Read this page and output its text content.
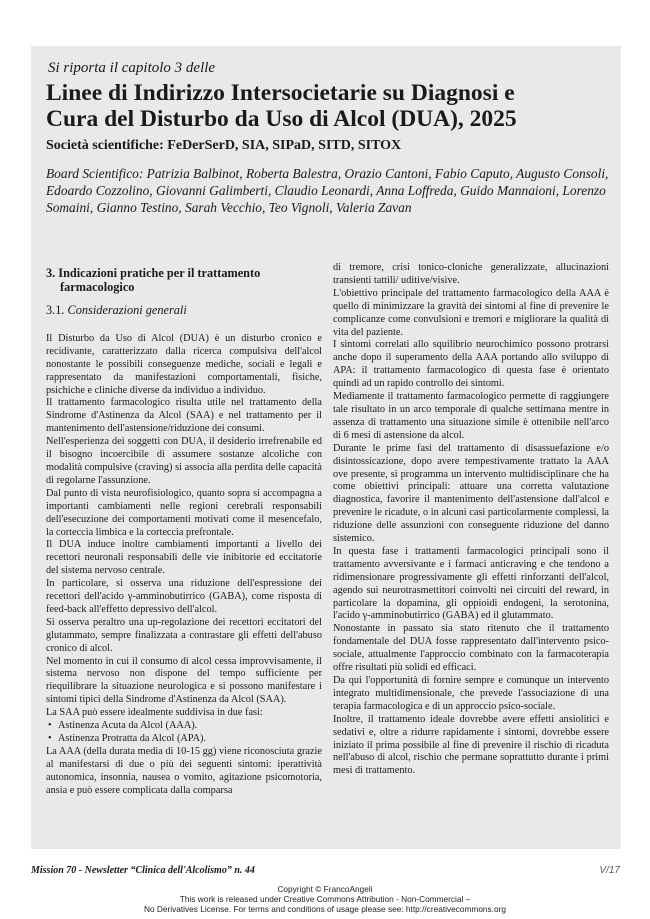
Si riporta il capitolo 3 delle
Linee di Indirizzo Intersocietarie su Diagnosi e
Cura del Disturbo da Uso di Alcol (DUA), 2025
Società scientifiche: FeDerSerD, SIA, SIPaD, SITD, SITOX
Board Scientifico: Patrizia Balbinot, Roberta Balestra, Orazio Cantoni, Fabio Caputo, Augusto Consoli, Edoardo Cozzolino, Giovanni Galimberti, Claudio Leonardi, Anna Loffreda, Guido Mannaioni, Lorenzo Somaini, Gianno Testino, Sarah Vecchio, Teo Vignoli, Valeria Zavan

3. Indicazioni pratiche per il trattamento farmacologico

3.1. Considerazioni generali

Il Disturbo da Uso di Alcol (DUA) è un disturbo cronico e recidivante, caratterizzato dalla ricerca compulsiva dell'alcol nonostante le possibili conseguenze mediche, sociali e legali e rappresentato da manifestazioni comportamentali, fisiche, psichiche e cliniche diverse da individuo a individuo.

Il trattamento farmacologico risulta utile nel trattamento della Sindrome d'Astinenza da Alcol (SAA) e nel trattamento per il mantenimento dell'astensione/riduzione dei consumi.

Nell'esperienza dei soggetti con DUA, il desiderio irrefrenabile ed il bisogno incoercibile di assumere sostanze alcoliche con modalità compulsive (craving) si associa alla perdita delle capacità di regolarne l'assunzione.

Dal punto di vista neurofisiologico, quanto sopra si accompagna a importanti cambiamenti nelle regioni cerebrali responsabili dell'esecuzione dei comportamenti motivati come il mesencefalo, la corteccia limbica e la corteccia prefrontale.

Il DUA induce inoltre cambiamenti importanti a livello dei recettori neuronali responsabili delle vie inibitorie ed eccitatorie del sistema nervoso centrale.

In particolare, si osserva una riduzione dell'espressione dei recettori dell'acido γ-amminobutirrico (GABA), come risposta di feed-back all'effetto depressivo dell'alcol.

Si osserva peraltro una up-regolazione dei recettori eccitatori del glutammato, sempre finalizzata a contrastare gli effetti dell'abuso cronico di alcol.

Nel momento in cui il consumo di alcol cessa improvvisamente, il sistema nervoso non dispone del tempo sufficiente per riequilibrare la situazione neurologica e si possono manifestare i sintomi tipici della Sindrome d'Astinenza da Alcol (SAA).

La SAA può essere idealmente suddivisa in due fasi:

• Astinenza Acuta da Alcol (AAA).
• Astinenza Protratta da Alcol (APA).

La AAA (della durata media di 10-15 gg) viene riconosciuta grazie al manifestarsi di due o più dei seguenti sintomi: iperattività autonomica, insonnia, nausea o vomito, agitazione psicomotoria, ansia e può essere complicata dalla comparsa

di tremore, crisi tonico-cloniche generalizzate, allucinazioni transienti tattili/ uditive/visive.

L'obiettivo principale del trattamento farmacologico della AAA è quello di minimizzare la gravità dei sintomi al fine di prevenire le complicanze come convulsioni e tremori e migliorare la qualità di vita del paziente.

I sintomi correlati allo squilibrio neurochimico possono protrarsi anche dopo il superamento della AAA portando allo sviluppo di APA: il trattamento farmacologico di questa fase è orientato quindi ad un rapido controllo dei sintomi.

Mediamente il trattamento farmacologico permette di raggiungere tale risultato in un arco temporale di qualche settimana mentre in assenza di trattamento una situazione simile è ottenibile nell'arco di 6 mesi di astensione da alcol.

Durante le prime fasi del trattamento di disassuefazione e/o disintossicazione, dopo avere tempestivamente trattato la AAA ove presente, si programma un intervento multidisciplinare che ha come obiettivi principali: attuare una corretta valutazione diagnostica, favorire il mantenimento dell'astensione dall'alcol e prevenire le ricadute, o in alcuni casi particolarmente complessi, la riduzione delle assunzioni con conseguente riduzione del danno sistemico.

In questa fase i trattamenti farmacologici principali sono il trattamento avversivante e i farmaci anticraving e che tendono a ridimensionare progressivamente gli effetti rinforzanti dell'alcol, agendo sui neurotrasmettitori coinvolti nei circuiti del reward, in particolare la dopamina, gli oppioidi endogeni, la serotonina, l'acido γ-amminobutirrico (GABA) ed il glutammato.

Nonostante in passato sia stato ritenuto che il trattamento fondamentale del DUA fosse rappresentato dall'intervento psico-sociale, attualmente l'approccio combinato con la farmacoterapia offre risultati più solidi ed efficaci.

Da qui l'opportunità di fornire sempre e comunque un intervento integrato multidimensionale, che prevede l'associazione di una terapia farmacologica e di un approccio psico-sociale.

Inoltre, il trattamento ideale dovrebbe avere effetti ansiolitici e sedativi e, oltre a ridurre rapidamente i sintomi, dovrebbe essere iniziato il prima possibile al fine di prevenire il rischio di ricaduta nell'abuso di alcol, rischio che permane soprattutto durante i primi mesi di trattamento.

Mission 70 - Newsletter “Clinica dell'Alcolismo” n. 44	V/17
Copyright © FrancoAngeli
This work is released under Creative Commons Attribution - Non-Commercial –
No Derivatives License. For terms and conditions of usage please see: http://creativecommons.org
